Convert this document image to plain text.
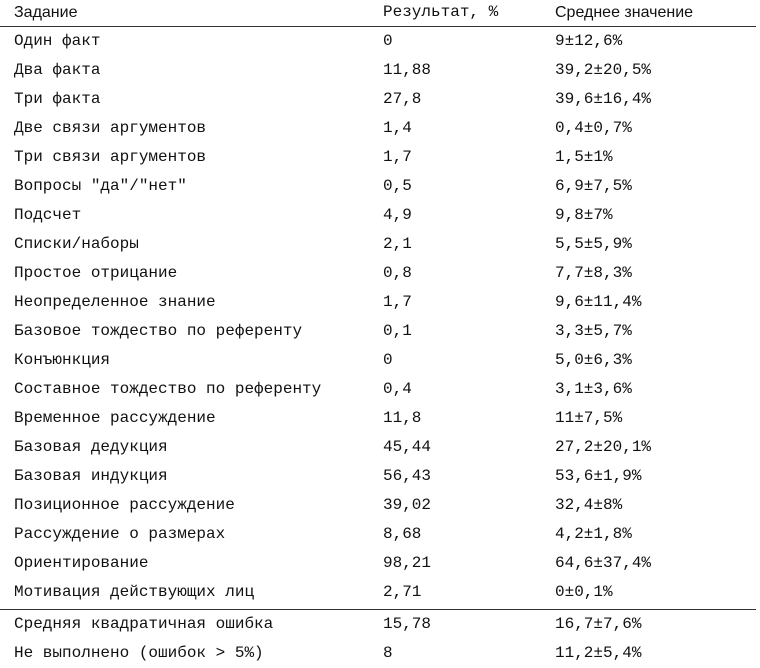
Задание	Результат, %	Среднее значение
Один факт	0	9±12,6%
Два факта	11,88	39,2±20,5%
Три факта	27,8	39,6±16,4%
Две связи аргументов	1,4	0,4±0,7%
Три связи аргументов	1,7	1,5±1%
Вопросы "да"/"нет"	0,5	6,9±7,5%
Подсчет	4,9	9,8±7%
Списки/наборы	2,1	5,5±5,9%
Простое отрицание	0,8	7,7±8,3%
Неопределенное знание	1,7	9,6±11,4%
Базовое тождество по референту	0,1	3,3±5,7%
Конъюнкция	0	5,0±6,3%
Составное тождество по референту	0,4	3,1±3,6%
Временное рассуждение	11,8	11±7,5%
Базовая дедукция	45,44	27,2±20,1%
Базовая индукция	56,43	53,6±1,9%
Позиционное рассуждение	39,02	32,4±8%
Рассуждение о размерах	8,68	4,2±1,8%
Ориентирование	98,21	64,6±37,4%
Мотивация действующих лиц	2,71	0±0,1%
Средняя квадратичная ошибка	15,78	16,7±7,6%
Не выполнено (ошибок > 5%)	8	11,2±5,4%
